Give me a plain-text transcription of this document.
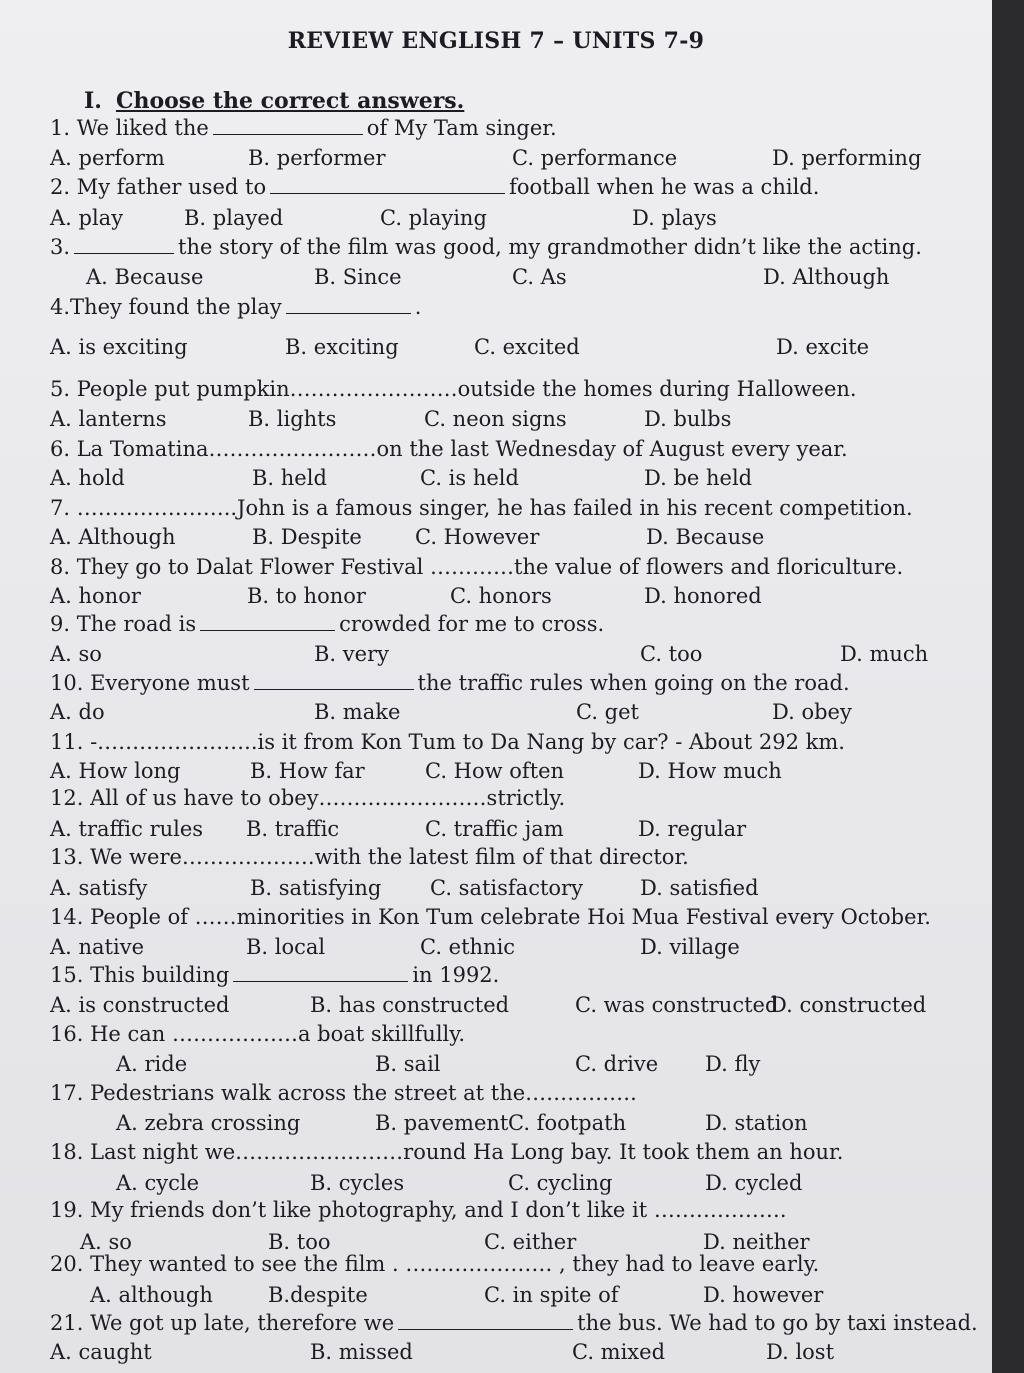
REVIEW ENGLISH 7 – UNITS 7-9
I. Choose the correct answers.
1. We liked the	of My Tam singer.
A. perform	B. performer	C. performance	D. performing
2. My father used to	football when he was a child.
A. play	B. played	C. playing	D. plays
3.	the story of the film was good, my grandmother didn’t like the acting.
A. Because	B. Since	C. As	D. Although
4.They found the play	.
A. is exciting	B. exciting	C. excited	D. excite
5. People put pumpkin……………………outside the homes during Halloween.
A. lanterns	B. lights	C. neon signs	D. bulbs
6. La Tomatina……………………on the last Wednesday of August every year.
A. hold	B. held	C. is held	D. be held
7. …………………..John is a famous singer, he has failed in his recent competition.
A. Although	B. Despite	C. However	D. Because
8. They go to Dalat Flower Festival …………the value of flowers and floriculture.
A. honor	B. to honor	C. honors	D. honored
9. The road is	crowded for me to cross.
A. so	B. very	C. too	D. much
10. Everyone must	the traffic rules when going on the road.
A. do	B. make	C. get	D. obey
11. -…………………..is it from Kon Tum to Da Nang by car? - About 292 km.
A. How long	B. How far	C. How often	D. How much
12. All of us have to obey……………………strictly.
A. traffic rules B. traffic	C. traffic jam	D. regular
13. We were……………….with the latest film of that director.
A. satisfy	B. satisfying C. satisfactory	D. satisfied
14. People of ……minorities in Kon Tum celebrate Hoi Mua Festival every October.
A. native	B. local	C. ethnic	D. village
15. This building	in 1992.
A. is constructed	B. has constructed	C. was constructed
D. constructed
16. He can ………………a boat skillfully.
A. ride	B. sail	C. drive D. fly
17. Pedestrians walk across the street at the…………….
A. zebra crossing	B. pavement C. footpath	D. station
18. Last night we……………………round Ha Long bay. It took them an hour.
A. cycle	B. cycles	C. cycling	D. cycled
19. My friends don’t like photography, and I don’t like it ……………….
A. so	B. too	C. either	D. neither
20. They wanted to see the film . ………………… , they had to leave early.
A. although	B.despite	C. in spite of	D. however
21. We got up late, therefore we	the bus. We had to go by taxi instead.
A. caught	B. missed	C. mixed	D. lost
